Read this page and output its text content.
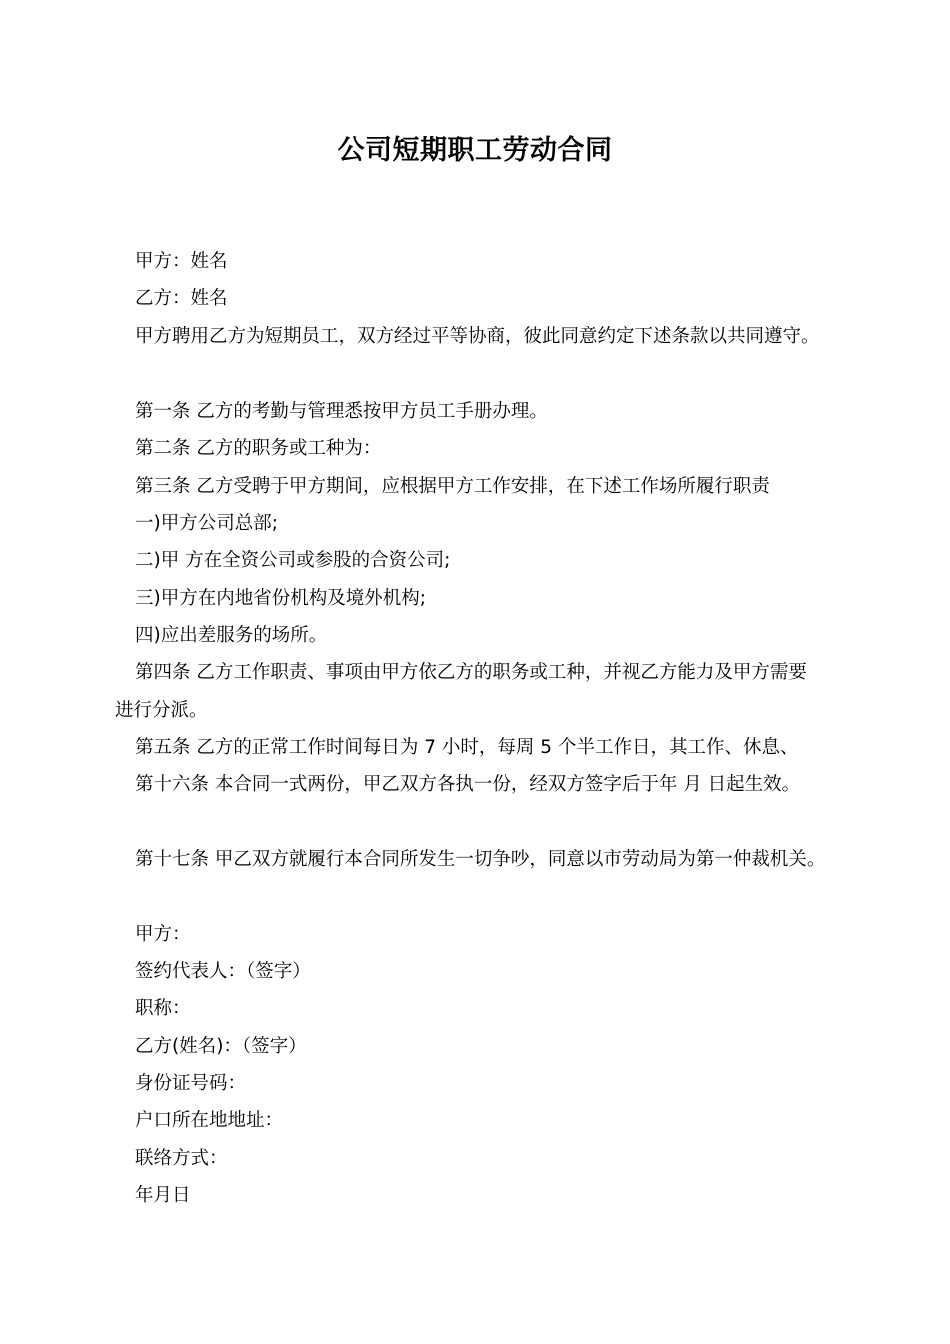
公司短期职工劳动合同
甲方：姓名
乙方：姓名
甲方聘用乙方为短期员工，双方经过平等协商，彼此同意约定下述条款以共同遵守。
第一条 乙方的考勤与管理悉按甲方员工手册办理。
第二条 乙方的职务或工种为：
第三条 乙方受聘于甲方期间，应根据甲方工作安排，在下述工作场所履行职责
一)甲方公司总部;
二)甲 方在全资公司或参股的合资公司;
三)甲方在内地省份机构及境外机构;
四)应出差服务的场所。
第四条 乙方工作职责、事项由甲方依乙方的职务或工种，并视乙方能力及甲方需要
进行分派。
第五条 乙方的正常工作时间每日为 7 小时，每周 5 个半工作日，其工作、休息、
第十六条 本合同一式两份，甲乙双方各执一份，经双方签字后于年 月 日起生效。
第十七条 甲乙双方就履行本合同所发生一切争吵，同意以市劳动局为第一仲裁机关。
甲方：
签约代表人：（签字）
职称：
乙方(姓名)：（签字）
身份证号码：
户口所在地地址：
联络方式：
年月日
